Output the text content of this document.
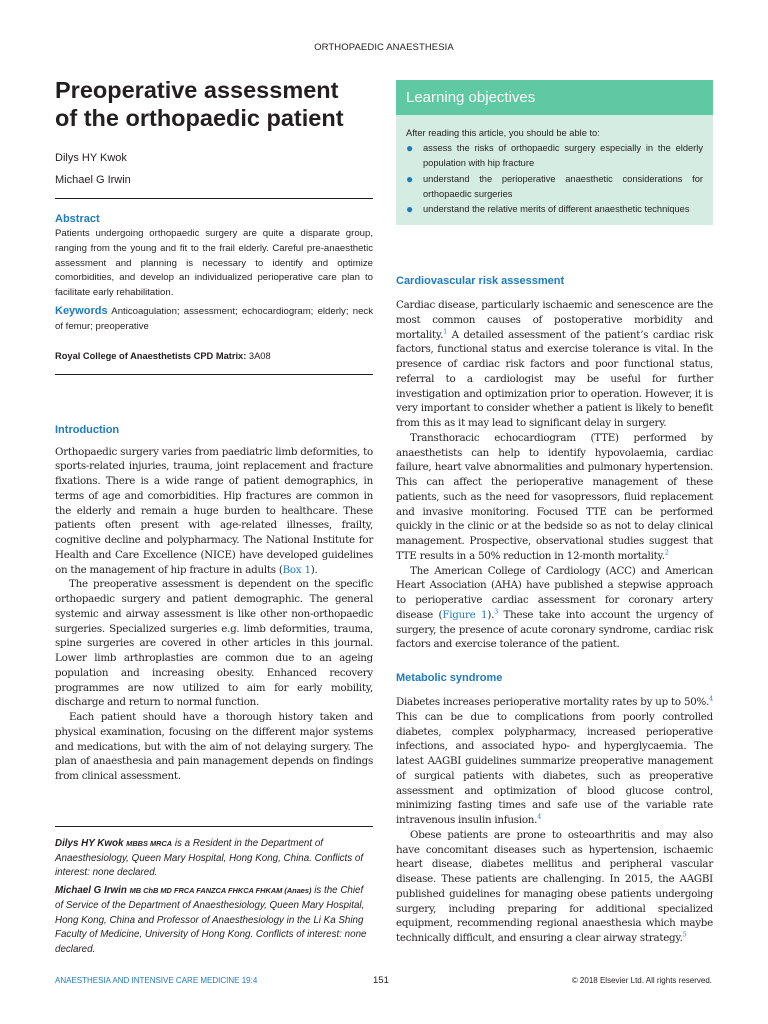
ORTHOPAEDIC ANAESTHESIA
Preoperative assessment
of the orthopaedic patient

Dilys HY Kwok

Michael G Irwin

Abstract

Patients undergoing orthopaedic surgery are quite a disparate group, ranging from the young and fit to the frail elderly. Careful pre-anaesthetic assessment and planning is necessary to identify and optimize comorbidities, and develop an individualized perioperative care plan to facilitate early rehabilitation.

Keywords Anticoagulation; assessment; echocardiogram; elderly; neck of femur; preoperative

Royal College of Anaesthetists CPD Matrix: 3A08

Introduction

Orthopaedic surgery varies from paediatric limb deformities, to sports-related injuries, trauma, joint replacement and fracture fixations. There is a wide range of patient demographics, in terms of age and comorbidities. Hip fractures are common in the elderly and remain a huge burden to healthcare. These patients often present with age-related illnesses, frailty, cognitive decline and polypharmacy. The National Institute for Health and Care Excellence (NICE) have developed guidelines on the management of hip fracture in adults (Box 1).

The preoperative assessment is dependent on the specific orthopaedic surgery and patient demographic. The general systemic and airway assessment is like other non-orthopaedic surgeries. Specialized surgeries e.g. limb deformities, trauma, spine surgeries are covered in other articles in this journal. Lower limb arthroplasties are common due to an ageing population and increasing obesity. Enhanced recovery programmes are now utilized to aim for early mobility, discharge and return to normal function.

Each patient should have a thorough history taken and physical examination, focusing on the different major systems and medications, but with the aim of not delaying surgery. The plan of anaesthesia and pain management depends on findings from clinical assessment.

Dilys HY Kwok MBBS MRCA is a Resident in the Department of Anaesthesiology, Queen Mary Hospital, Hong Kong, China. Conflicts of interest: none declared.

Michael G Irwin MB ChB MD FRCA FANZCA FHKCA FHKAM (Anaes) is the Chief of Service of the Department of Anaesthesiology, Queen Mary Hospital, Hong Kong, China and Professor of Anaesthesiology in the Li Ka Shing Faculty of Medicine, University of Hong Kong. Conflicts of interest: none declared.

Learning objectives

After reading this article, you should be able to:

● assess the risks of orthopaedic surgery especially in the elderly population with hip fracture
● understand the perioperative anaesthetic considerations for orthopaedic surgeries
● understand the relative merits of different anaesthetic techniques

Cardiovascular risk assessment

Cardiac disease, particularly ischaemic and senescence are the most common causes of postoperative morbidity and mortality.$^1$ A detailed assessment of the patient’s cardiac risk factors, functional status and exercise tolerance is vital. In the presence of cardiac risk factors and poor functional status, referral to a cardiologist may be useful for further investigation and optimization prior to operation. However, it is very important to consider whether a patient is likely to benefit from this as it may lead to significant delay in surgery.

Transthoracic echocardiogram (TTE) performed by anaesthetists can help to identify hypovolaemia, cardiac failure, heart valve abnormalities and pulmonary hypertension. This can affect the perioperative management of these patients, such as the need for vasopressors, fluid replacement and invasive monitoring. Focused TTE can be performed quickly in the clinic or at the bedside so as not to delay clinical management. Prospective, observational studies suggest that TTE results in a 50% reduction in 12-month mortality.$^2$

The American College of Cardiology (ACC) and American Heart Association (AHA) have published a stepwise approach to perioperative cardiac assessment for coronary artery disease (Figure 1).$^3$ These take into account the urgency of surgery, the presence of acute coronary syndrome, cardiac risk factors and exercise tolerance of the patient.

Metabolic syndrome

Diabetes increases perioperative mortality rates by up to 50%.$^4$ This can be due to complications from poorly controlled diabetes, complex polypharmacy, increased perioperative infections, and associated hypo- and hyperglycaemia. The latest AAGBI guidelines summarize preoperative management of surgical patients with diabetes, such as preoperative assessment and optimization of blood glucose control, minimizing fasting times and safe use of the variable rate intravenous insulin infusion.$^4$

Obese patients are prone to osteoarthritis and may also have concomitant diseases such as hypertension, ischaemic heart disease, diabetes mellitus and peripheral vascular disease. These patients are challenging. In 2015, the AAGBI published guidelines for managing obese patients undergoing surgery, including preparing for additional specialized equipment, recommending regional anaesthesia which maybe technically difficult, and ensuring a clear airway strategy.$^5$

ANAESTHESIA AND INTENSIVE CARE MEDICINE 19:4	151	© 2018 Elsevier Ltd. All rights reserved.
